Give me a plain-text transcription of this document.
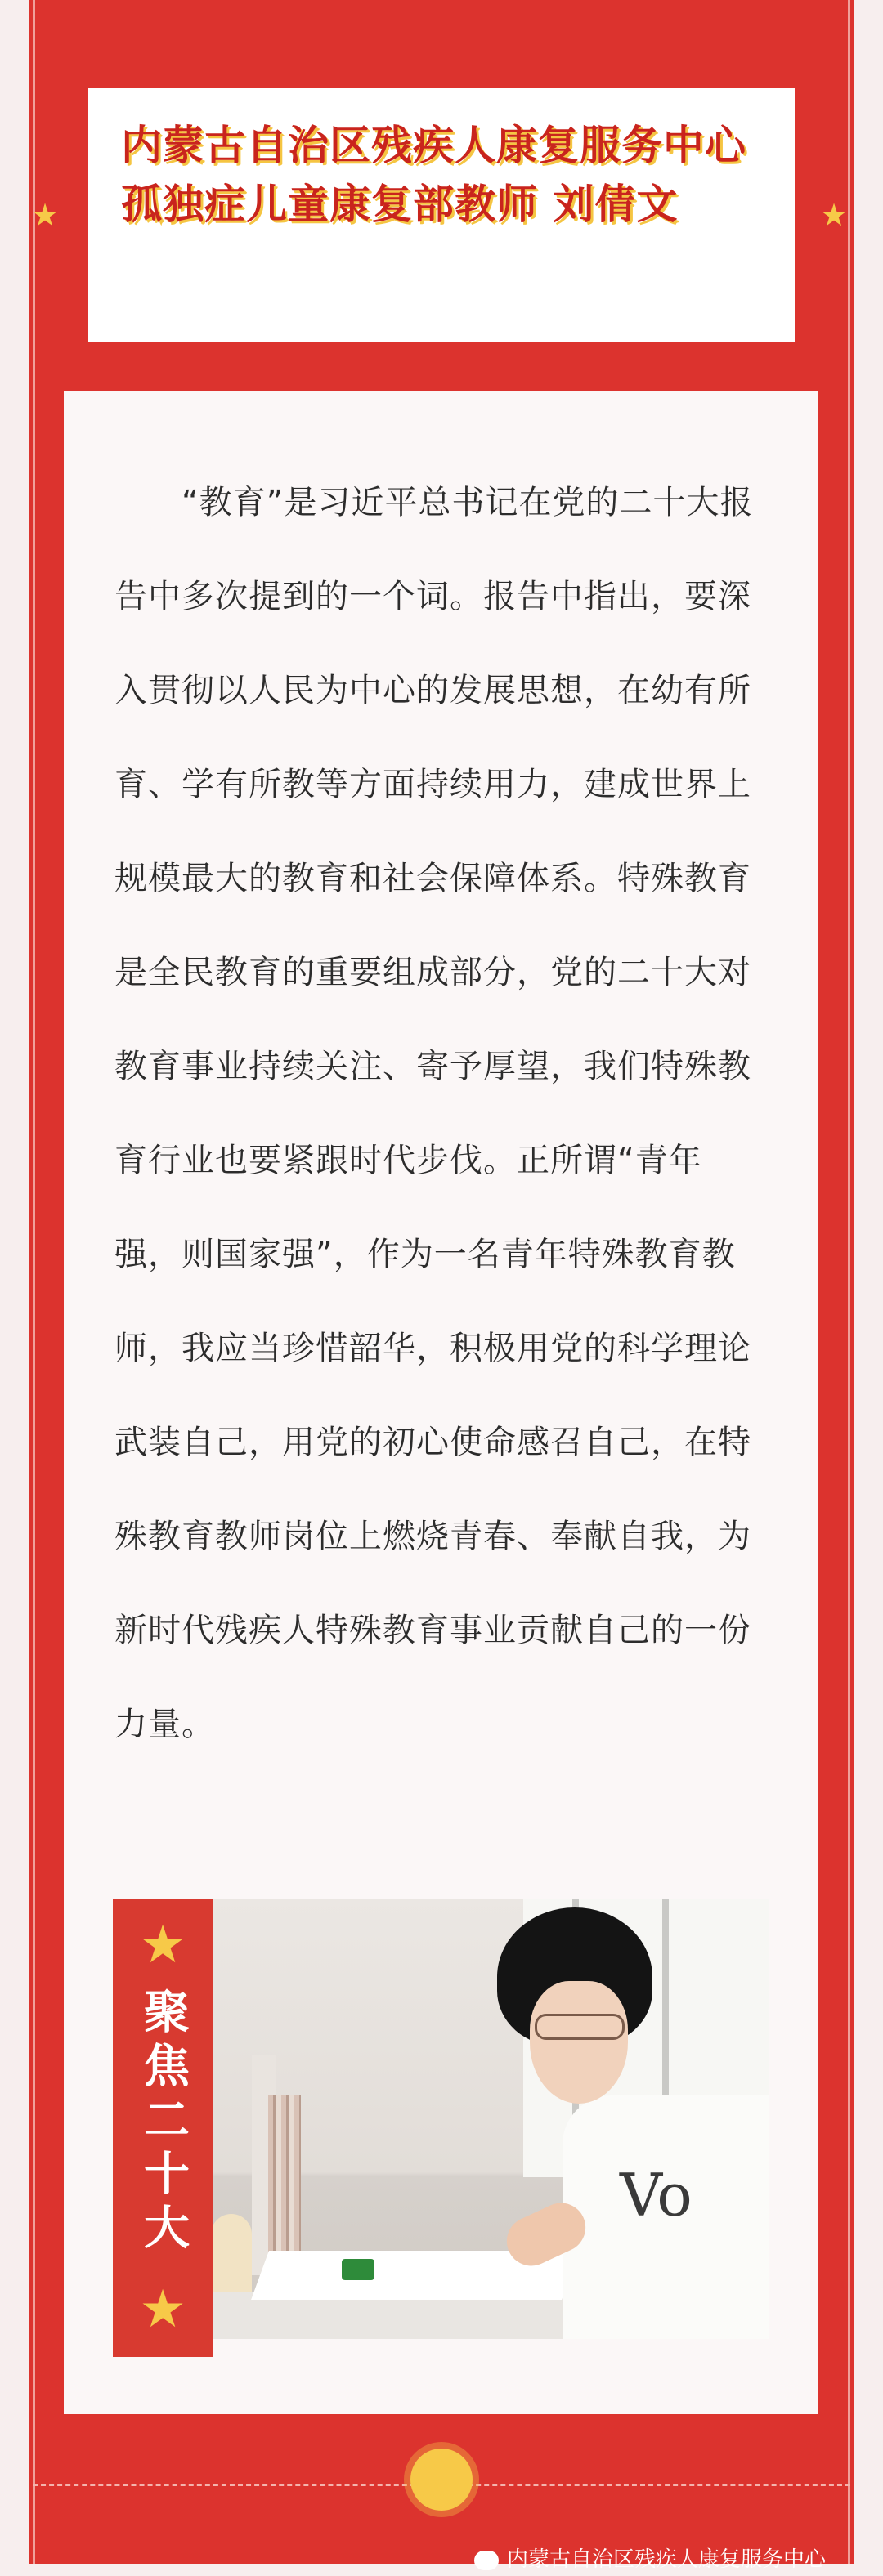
★	★
内蒙古自治区残疾人康复服务中心孤独症儿童康复部教师 刘倩文

“教育”是习近平总书记在党的二十大报告中多次提到的一个词。报告中指出，要深入贯彻以人民为中心的发展思想，在幼有所育、学有所教等方面持续用力，建成世界上规模最大的教育和社会保障体系。特殊教育是全民教育的重要组成部分，党的二十大对教育事业持续关注、寄予厚望，我们特殊教育行业也要紧跟时代步伐。正所谓“青年强，则国家强”，作为一名青年特殊教育教师，我应当珍惜韶华，积极用党的科学理论武装自己，用党的初心使命感召自己，在特殊教育教师岗位上燃烧青春、奉献自我，为新时代残疾人特殊教育事业贡献自己的一份力量。

Vo
★
聚焦二十大
★
内蒙古自治区残疾人康复服务中心
